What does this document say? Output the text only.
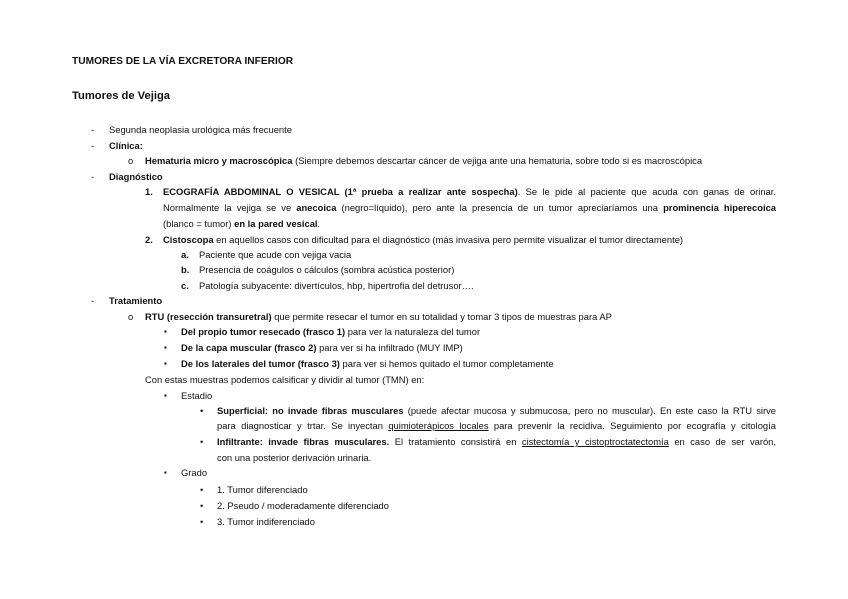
TUMORES DE LA VÍA EXCRETORA INFERIOR
Tumores de Vejiga
- Segunda neoplasia urológica más frecuente
- Clínica:
o Hematuria micro y macroscópica (Siempre debemos descartar cáncer de vejiga ante una hematuria, sobre todo si es macroscópica
- Diagnóstico
1. ECOGRAFÍA ABDOMINAL O VESICAL (1ª prueba a realizar ante sospecha). Se le pide al paciente que acuda con ganas de orinar.
Normalmente la vejiga se ve anecoica (negro=líquido), pero ante la presencia de un tumor apreciaríamos una prominencia hiperecoica
(blanco = tumor) en la pared vesical.
2. Cistoscopa en aquellos casos con dificultad para el diagnóstico (más invasiva pero permite visualizar el tumor directamente)
a. Paciente que acude con vejiga vacia
b. Presencia de coágulos o cálculos (sombra acústica posterior)
c. Patología subyacente: divertículos, hbp, hipertrofia del detrusor….
- Tratamiento
o RTU (resección transuretral) que permite resecar el tumor en su totalidad y tomar 3 tipos de muestras para AP
▪ Del propio tumor resecado (frasco 1) para ver la naturaleza del tumor
▪ De la capa muscular (frasco 2) para ver si ha infiltrado (MUY IMP)
▪ De los laterales del tumor (frasco 3) para ver si hemos quitado el tumor completamente
Con estas muestras podemos calsificar y dividir al tumor (TMN) en:
▪ Estadio
• Superficial: no invade fibras musculares (puede afectar mucosa y submucosa, pero no muscular). En este caso la RTU sirve
para diagnosticar y trtar. Se inyectan quimioterápicos locales para prevenir la recidiva. Seguimiento por ecografía y citología
• Infiltrante: invade fibras musculares. El tratamiento consistirá en cistectomía y cistoptroctatectomía en caso de ser varón,
con una posterior derivación urinaria.
▪ Grado
• 1. Tumor diferenciado
• 2. Pseudo / moderadamente diferenciado
• 3. Tumor indiferenciado
